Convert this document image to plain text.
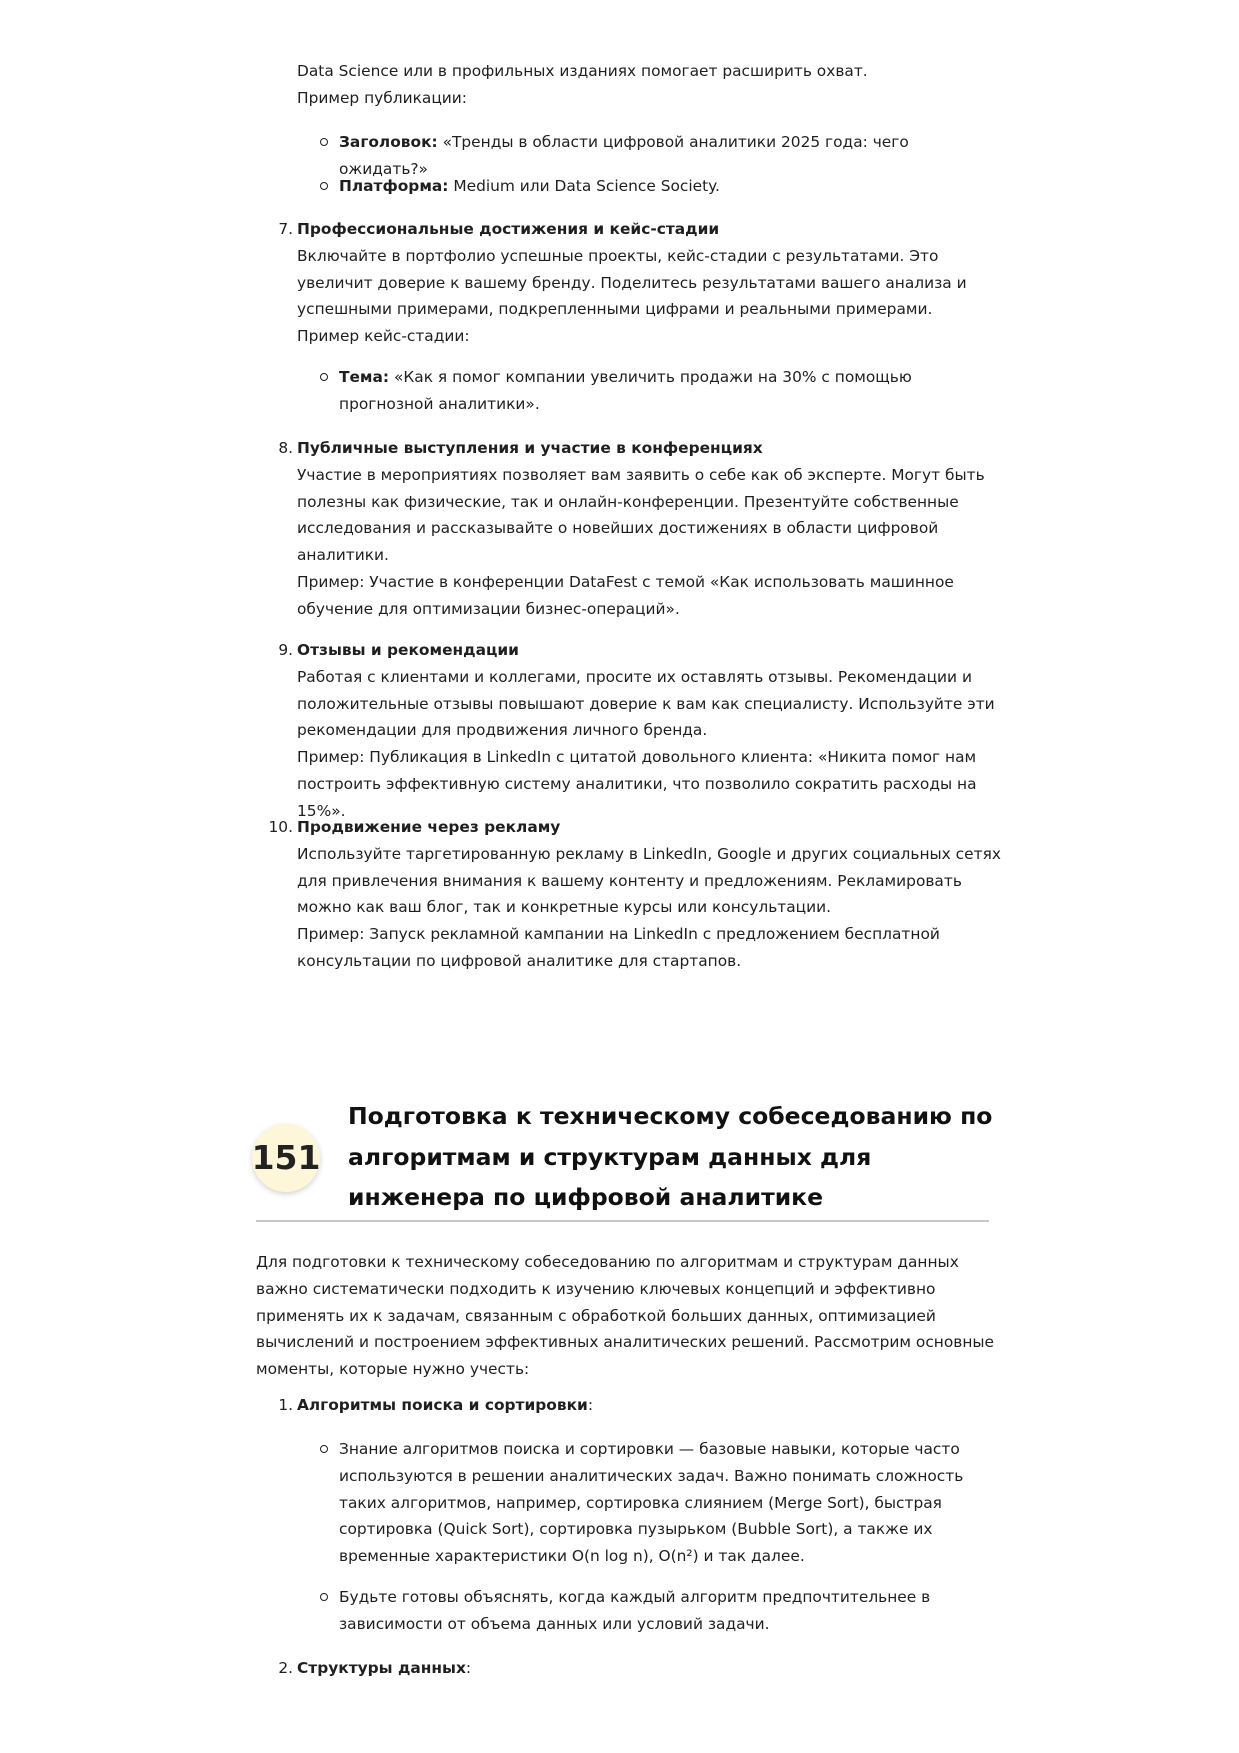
Data Science или в профильных изданиях помогает расширить охват.
Пример публикации:

Заголовок: «Тренды в области цифровой аналитики 2025 года: чего ожидать?»

Платформа: Medium или Data Science Society.

7. Профессиональные достижения и кейс-стадии
Включайте в портфолио успешные проекты, кейс-стадии с результатами. Это увеличит доверие к вашему бренду. Поделитесь результатами вашего анализа и успешными примерами, подкрепленными цифрами и реальными примерами.
Пример кейс-стадии:

Тема: «Как я помог компании увеличить продажи на 30% с помощью прогнозной аналитики».

8. Публичные выступления и участие в конференциях
Участие в мероприятиях позволяет вам заявить о себе как об эксперте. Могут быть полезны как физические, так и онлайн-конференции. Презентуйте собственные исследования и рассказывайте о новейших достижениях в области цифровой аналитики.
Пример: Участие в конференции DataFest с темой «Как использовать машинное обучение для оптимизации бизнес-операций».

9. Отзывы и рекомендации
Работая с клиентами и коллегами, просите их оставлять отзывы. Рекомендации и положительные отзывы повышают доверие к вам как специалисту. Используйте эти рекомендации для продвижения личного бренда.
Пример: Публикация в LinkedIn с цитатой довольного клиента: «Никита помог нам построить эффективную систему аналитики, что позволило сократить расходы на 15%».

10. Продвижение через рекламу
Используйте таргетированную рекламу в LinkedIn, Google и других социальных сетях для привлечения внимания к вашему контенту и предложениям. Рекламировать можно как ваш блог, так и конкретные курсы или консультации.
Пример: Запуск рекламной кампании на LinkedIn с предложением бесплатной консультации по цифровой аналитике для стартапов.

151
Подготовка к техническому собеседованию по алгоритмам и структурам данных для инженера по цифровой аналитике

Для подготовки к техническому собеседованию по алгоритмам и структурам данных важно систематически подходить к изучению ключевых концепций и эффективно применять их к задачам, связанным с обработкой больших данных, оптимизацией вычислений и построением эффективных аналитических решений. Рассмотрим основные моменты, которые нужно учесть:

1. Алгоритмы поиска и сортировки:

Знание алгоритмов поиска и сортировки — базовые навыки, которые часто используются в решении аналитических задач. Важно понимать сложность таких алгоритмов, например, сортировка слиянием (Merge Sort), быстрая сортировка (Quick Sort), сортировка пузырьком (Bubble Sort), а также их временные характеристики O(n log n), O(n²) и так далее.

Будьте готовы объяснять, когда каждый алгоритм предпочтительнее в зависимости от объема данных или условий задачи.

2. Структуры данных:
